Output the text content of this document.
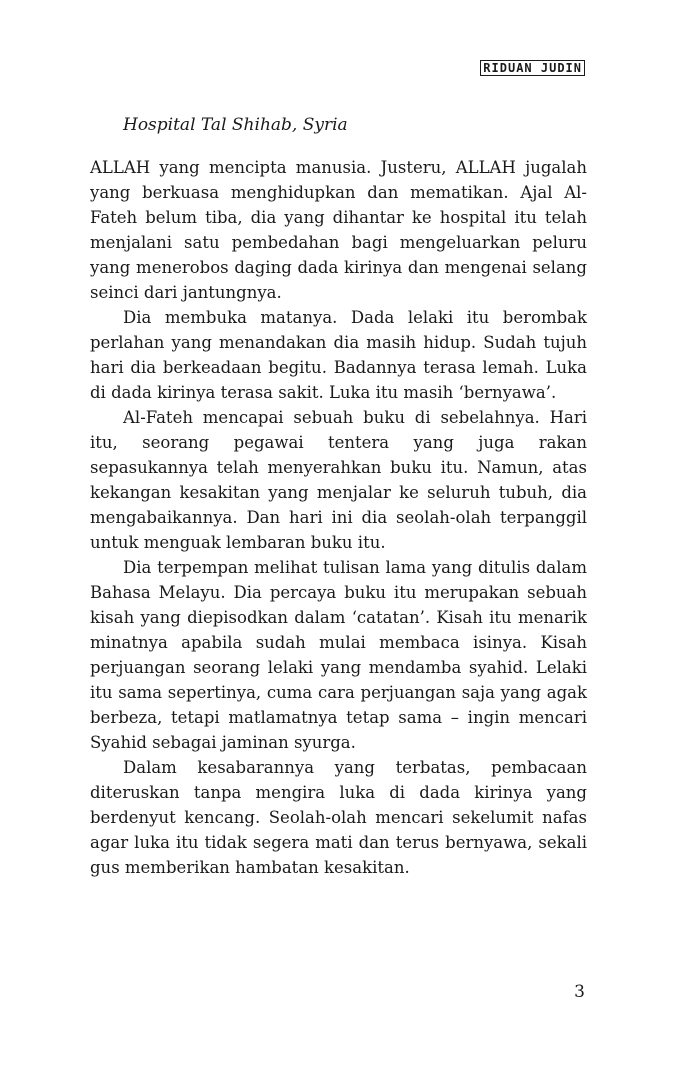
RIDUAN JUDIN
Hospital Tal Shihab, Syria

ALLAH yang mencipta manusia. Justeru, ALLAH jugalah yang berkuasa menghidupkan dan mematikan. Ajal Al-Fateh belum tiba, dia yang dihantar ke hospital itu telah menjalani satu pembedahan bagi mengeluarkan peluru yang menerobos daging dada kirinya dan mengenai selang seinci dari jantungnya.

Dia membuka matanya. Dada lelaki itu berombak perlahan yang menandakan dia masih hidup. Sudah tujuh hari dia berkeadaan begitu. Badannya terasa lemah. Luka di dada kirinya terasa sakit. Luka itu masih ‘bernyawa’.

Al-Fateh mencapai sebuah buku di sebelahnya. Hari itu, seorang pegawai tentera yang juga rakan sepasukannya telah menyerahkan buku itu. Namun, atas kekangan kesakitan yang menjalar ke seluruh tubuh, dia mengabaikannya. Dan hari ini dia seolah-olah terpanggil untuk menguak lembaran buku itu.

Dia terpempan melihat tulisan lama yang ditulis dalam Bahasa Melayu. Dia percaya buku itu merupakan sebuah kisah yang diepisodkan dalam ‘catatan’. Kisah itu menarik minatnya apabila sudah mulai membaca isinya. Kisah perjuangan seorang lelaki yang mendamba syahid. Lelaki itu sama sepertinya, cuma cara perjuangan saja yang agak berbeza, tetapi matlamatnya tetap sama – ingin mencari Syahid sebagai jaminan syurga.

Dalam kesabarannya yang terbatas, pembacaan diteruskan tanpa mengira luka di dada kirinya yang berdenyut kencang. Seolah-olah mencari sekelumit nafas agar luka itu tidak segera mati dan terus bernyawa, sekali gus memberikan hambatan kesakitan.

3
